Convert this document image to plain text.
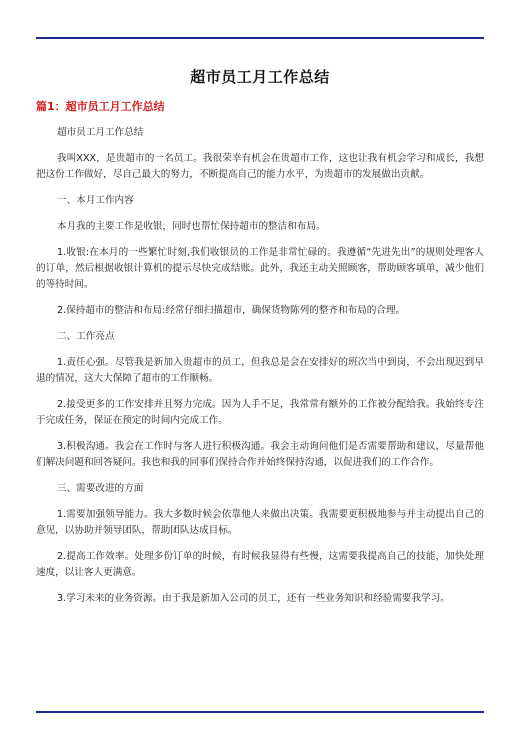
超市员工月工作总结
篇1：超市员工月工作总结
超市员工月工作总结
我叫XXX，是贵超市的一名员工。我很荣幸有机会在贵超市工作，这也让我有机会学习和成长，我想把这份工作做好，尽自己最大的努力，不断提高自己的能力水平，为贵超市的发展做出贡献。
一、本月工作内容
本月我的主要工作是收银，同时也帮忙保持超市的整洁和布局。
1.收银:在本月的一些繁忙时刻,我们收银员的工作是非常忙碌的。我遵循“先进先出”的规则处理客人的订单，然后根据收银计算机的提示尽快完成结账。此外，我还主动关照顾客，帮助顾客填单，减少他们的等待时间。
2.保持超市的整洁和布局:经常仔细扫描超市，确保货物陈列的整齐和布局的合理。
二、工作亮点
1.责任心强。尽管我是新加入贵超市的员工，但我总是会在安排好的班次当中到岗，不会出现迟到早退的情况，这大大保障了超市的工作顺畅。
2.接受更多的工作安排并且努力完成。因为人手不足，我常常有额外的工作被分配给我。我始终专注于完成任务，保证在预定的时间内完成工作。
3.积极沟通。我会在工作时与客人进行积极沟通。我会主动询问他们是否需要帮助和建议，尽量帮他们解决问题和回答疑问。我也和我的同事们保持合作并始终保持沟通，以促进我们的工作合作。
三、需要改进的方面
1.需要加强领导能力。我大多数时候会依靠他人来做出决策。我需要更积极地参与并主动提出自己的意见，以协助并领导团队，帮助团队达成目标。
2.提高工作效率。处理多份订单的时候，有时候我显得有些慢，这需要我提高自己的技能，加快处理速度，以让客人更满意。
3.学习未来的业务资源。由于我是新加入公司的员工，还有一些业务知识和经验需要我学习。
